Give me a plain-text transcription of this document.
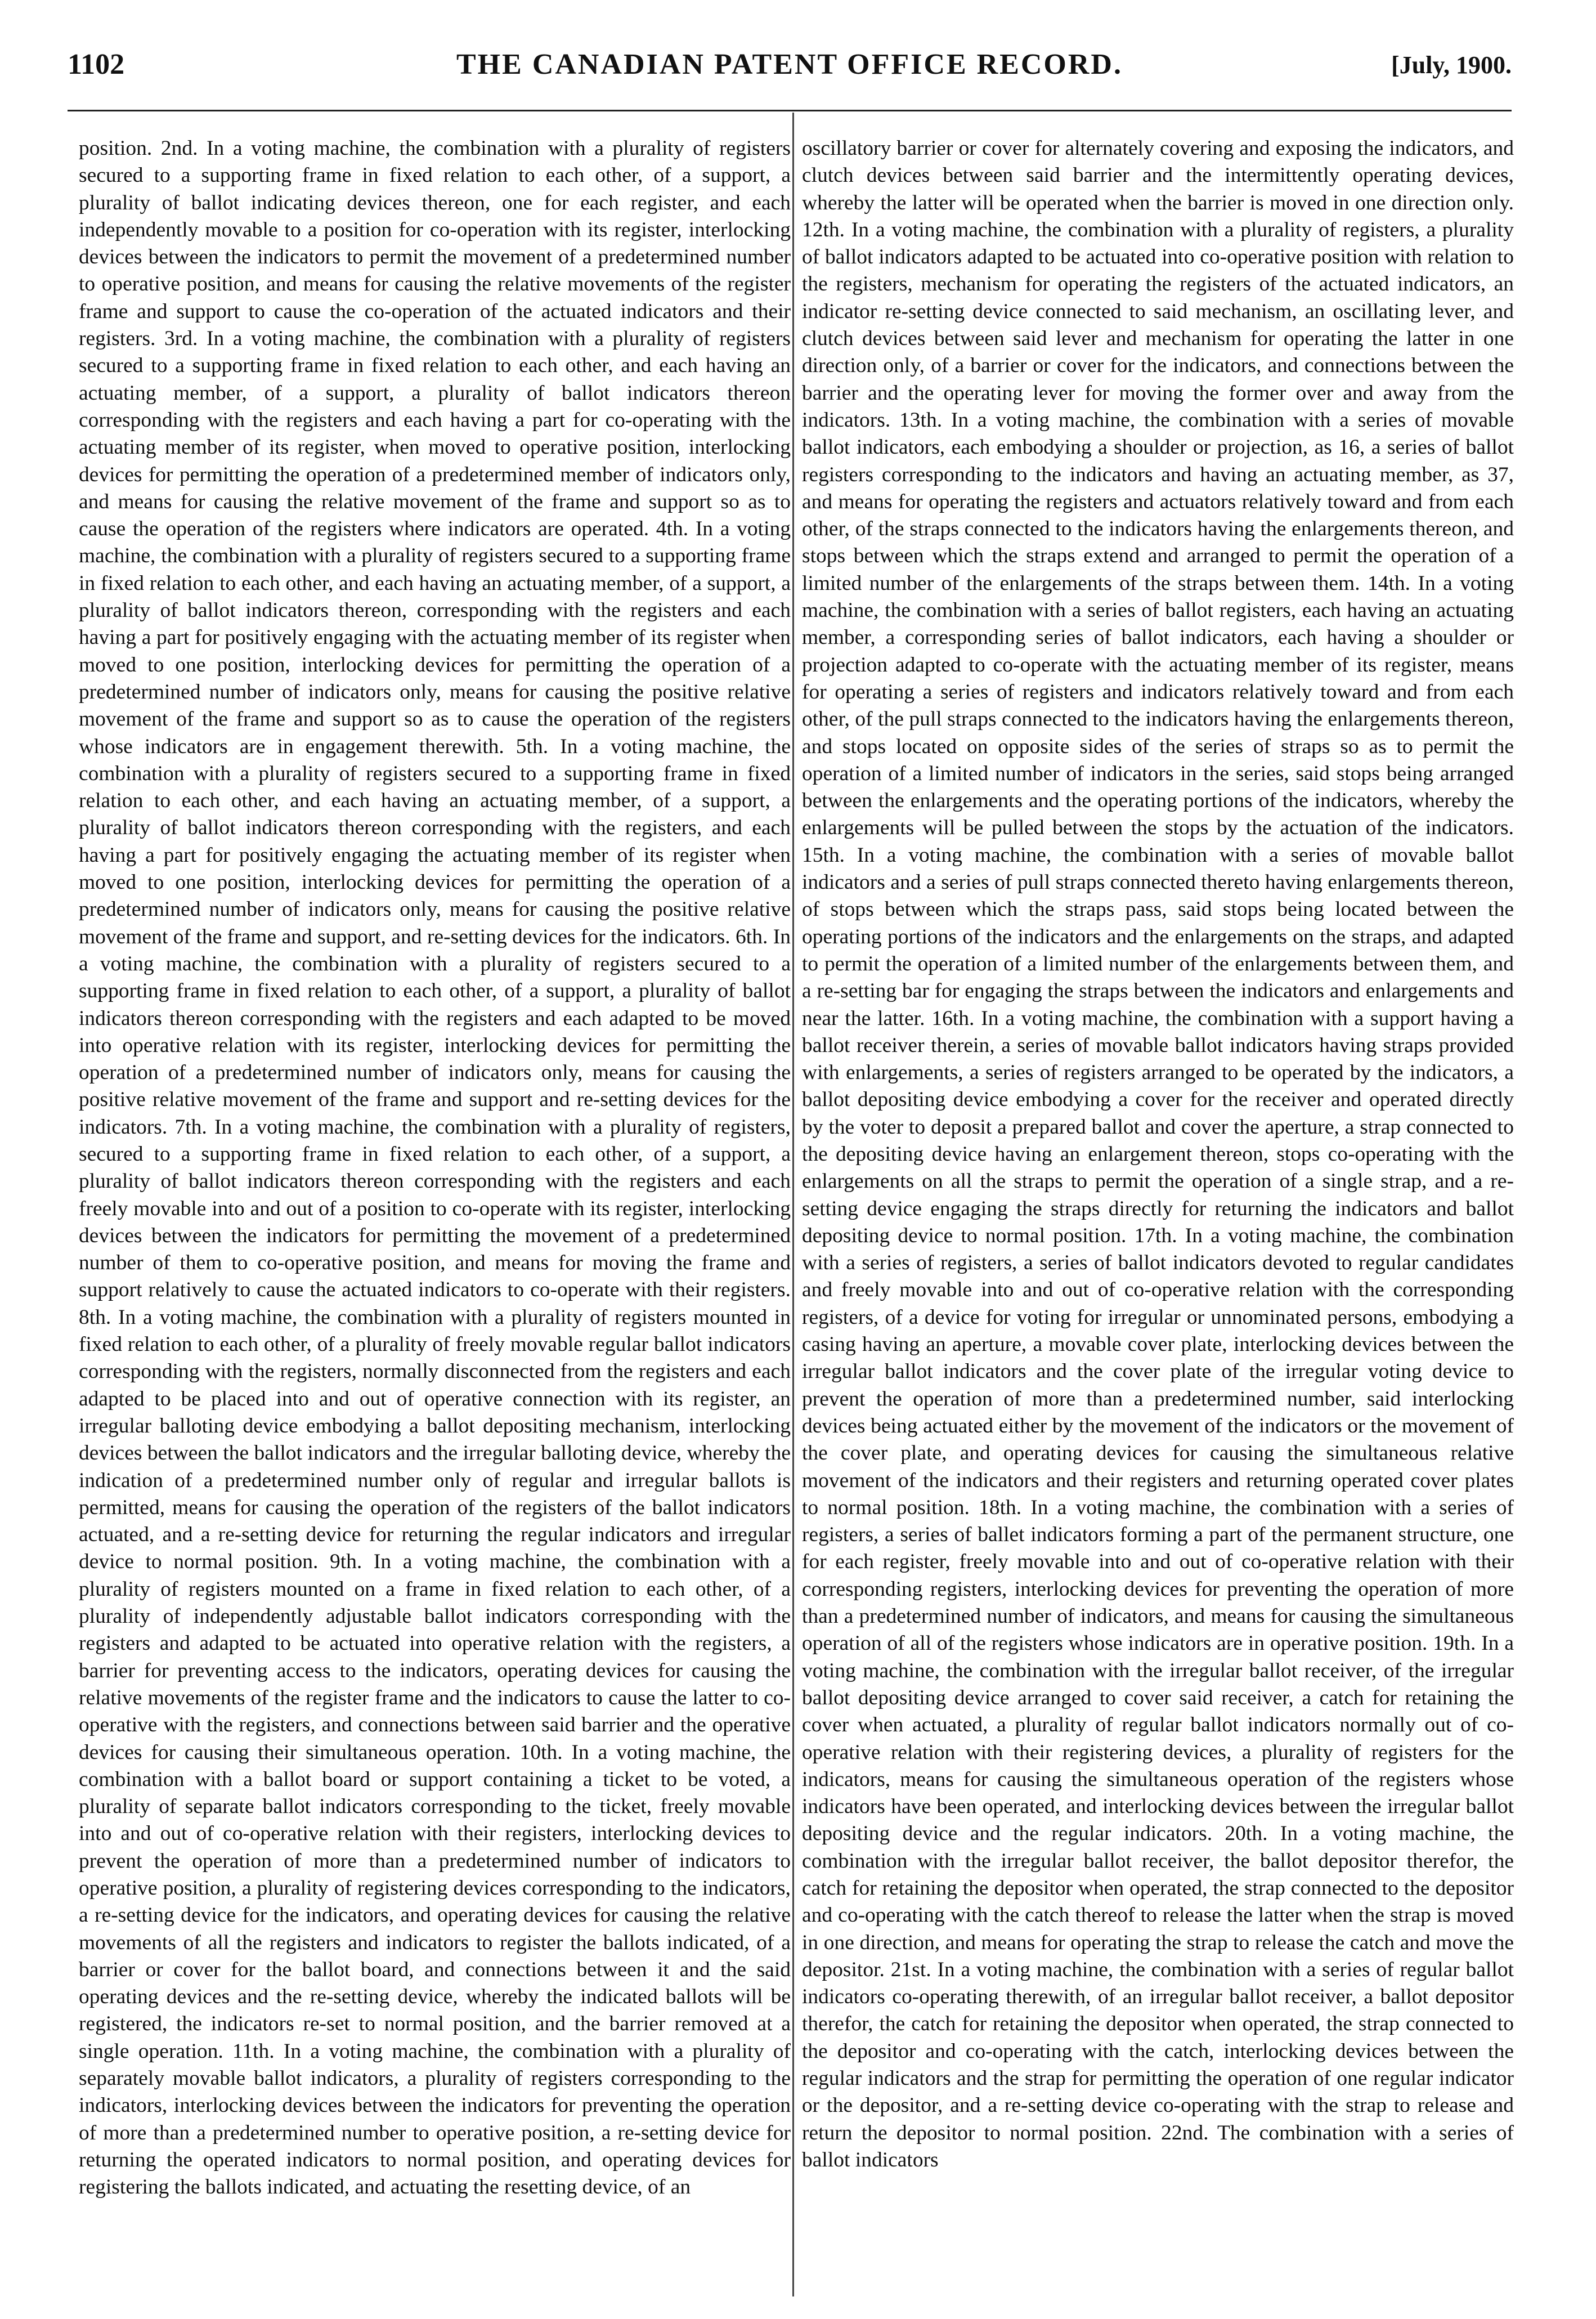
1102	THE CANADIAN PATENT OFFICE RECORD.	[July, 1900.
position. 2nd. In a voting machine, the combination with a plurality of registers secured to a supporting frame in fixed relation to each other, of a support, a plurality of ballot indicating devices thereon, one for each register, and each independently movable to a position for co-operation with its register, interlocking devices between the indicators to permit the movement of a predetermined number to operative position, and means for causing the relative movements of the register frame and support to cause the co-operation of the actuated indicators and their registers. 3rd. In a voting machine, the combination with a plurality of registers secured to a supporting frame in fixed relation to each other, and each having an actuating member, of a support, a plurality of ballot indicators thereon corresponding with the registers and each having a part for co-operating with the actuating member of its register, when moved to operative position, interlocking devices for permitting the operation of a predetermined member of indicators only, and means for causing the relative movement of the frame and support so as to cause the operation of the registers where indicators are operated. 4th. In a voting machine, the combination with a plurality of registers secured to a supporting frame in fixed relation to each other, and each having an actuating member, of a support, a plurality of ballot indicators thereon, corresponding with the registers and each having a part for positively engaging with the actuating member of its register when moved to one position, interlocking devices for permitting the operation of a predetermined number of indicators only, means for causing the positive relative movement of the frame and support so as to cause the operation of the registers whose indicators are in engagement therewith. 5th. In a voting machine, the combination with a plurality of registers secured to a supporting frame in fixed relation to each other, and each having an actuating member, of a support, a plurality of ballot indicators thereon corresponding with the registers, and each having a part for positively engaging the actuating member of its register when moved to one position, interlocking devices for permitting the operation of a predetermined number of indicators only, means for causing the positive relative movement of the frame and support, and re-setting devices for the indicators. 6th. In a voting machine, the combination with a plurality of registers secured to a supporting frame in fixed relation to each other, of a support, a plurality of ballot indicators thereon corresponding with the registers and each adapted to be moved into operative relation with its register, interlocking devices for permitting the operation of a predetermined number of indicators only, means for causing the positive relative movement of the frame and support and re-setting devices for the indicators. 7th. In a voting machine, the combination with a plurality of registers, secured to a supporting frame in fixed relation to each other, of a support, a plurality of ballot indicators thereon corresponding with the registers and each freely movable into and out of a position to co-operate with its register, interlocking devices between the indicators for permitting the movement of a predetermined number of them to co-operative position, and means for moving the frame and support relatively to cause the actuated indicators to co-operate with their registers. 8th. In a voting machine, the combination with a plurality of registers mounted in fixed relation to each other, of a plurality of freely movable regular ballot indicators corresponding with the registers, normally disconnected from the registers and each adapted to be placed into and out of operative connection with its register, an irregular balloting device embodying a ballot depositing mechanism, interlocking devices between the ballot indicators and the irregular balloting device, whereby the indication of a predetermined number only of regular and irregular ballots is permitted, means for causing the operation of the registers of the ballot indicators actuated, and a re-setting device for returning the regular indicators and irregular device to normal position. 9th. In a voting machine, the combination with a plurality of registers mounted on a frame in fixed relation to each other, of a plurality of independently adjustable ballot indicators corresponding with the registers and adapted to be actuated into operative relation with the registers, a barrier for preventing access to the indicators, operating devices for causing the relative movements of the register frame and the indicators to cause the latter to co-operative with the registers, and connections between said barrier and the operative devices for causing their simultaneous operation. 10th. In a voting machine, the combination with a ballot board or support containing a ticket to be voted, a plurality of separate ballot indicators corresponding to the ticket, freely movable into and out of co-operative relation with their registers, interlocking devices to prevent the operation of more than a predetermined number of indicators to operative position, a plurality of registering devices corresponding to the indicators, a re-setting device for the indicators, and operating devices for causing the relative movements of all the registers and indicators to register the ballots indicated, of a barrier or cover for the ballot board, and connections between it and the said operating devices and the re-setting device, whereby the indicated ballots will be registered, the indicators re-set to normal position, and the barrier removed at a single operation. 11th. In a voting machine, the combination with a plurality of separately movable ballot indicators, a plurality of registers corresponding to the indicators, interlocking devices between the indicators for preventing the operation of more than a predetermined number to operative position, a re-setting device for returning the operated indicators to normal position, and operating devices for registering the ballots indicated, and actuating the resetting device, of an
oscillatory barrier or cover for alternately covering and exposing the indicators, and clutch devices between said barrier and the intermittently operating devices, whereby the latter will be operated when the barrier is moved in one direction only. 12th. In a voting machine, the combination with a plurality of registers, a plurality of ballot indicators adapted to be actuated into co-operative position with relation to the registers, mechanism for operating the registers of the actuated indicators, an indicator re-setting device connected to said mechanism, an oscillating lever, and clutch devices between said lever and mechanism for operating the latter in one direction only, of a barrier or cover for the indicators, and connections between the barrier and the operating lever for moving the former over and away from the indicators. 13th. In a voting machine, the combination with a series of movable ballot indicators, each embodying a shoulder or projection, as 16, a series of ballot registers corresponding to the indicators and having an actuating member, as 37, and means for operating the registers and actuators relatively toward and from each other, of the straps connected to the indicators having the enlargements thereon, and stops between which the straps extend and arranged to permit the operation of a limited number of the enlargements of the straps between them. 14th. In a voting machine, the combination with a series of ballot registers, each having an actuating member, a corresponding series of ballot indicators, each having a shoulder or projection adapted to co-operate with the actuating member of its register, means for operating a series of registers and indicators relatively toward and from each other, of the pull straps connected to the indicators having the enlargements thereon, and stops located on opposite sides of the series of straps so as to permit the operation of a limited number of indicators in the series, said stops being arranged between the enlargements and the operating portions of the indicators, whereby the enlargements will be pulled between the stops by the actuation of the indicators. 15th. In a voting machine, the combination with a series of movable ballot indicators and a series of pull straps connected thereto having enlargements thereon, of stops between which the straps pass, said stops being located between the operating portions of the indicators and the enlargements on the straps, and adapted to permit the operation of a limited number of the enlargements between them, and a re-setting bar for engaging the straps between the indicators and enlargements and near the latter. 16th. In a voting machine, the combination with a support having a ballot receiver therein, a series of movable ballot indicators having straps provided with enlargements, a series of registers arranged to be operated by the indicators, a ballot depositing device embodying a cover for the receiver and operated directly by the voter to deposit a prepared ballot and cover the aperture, a strap connected to the depositing device having an enlargement thereon, stops co-operating with the enlargements on all the straps to permit the operation of a single strap, and a re-setting device engaging the straps directly for returning the indicators and ballot depositing device to normal position. 17th. In a voting machine, the combination with a series of registers, a series of ballot indicators devoted to regular candidates and freely movable into and out of co-operative relation with the corresponding registers, of a device for voting for irregular or unnominated persons, embodying a casing having an aperture, a movable cover plate, interlocking devices between the irregular ballot indicators and the cover plate of the irregular voting device to prevent the operation of more than a predetermined number, said interlocking devices being actuated either by the movement of the indicators or the movement of the cover plate, and operating devices for causing the simultaneous relative movement of the indicators and their registers and returning operated cover plates to normal position. 18th. In a voting machine, the combination with a series of registers, a series of ballet indicators forming a part of the permanent structure, one for each register, freely movable into and out of co-operative relation with their corresponding registers, interlocking devices for preventing the operation of more than a predetermined number of indicators, and means for causing the simultaneous operation of all of the registers whose indicators are in operative position. 19th. In a voting machine, the combination with the irregular ballot receiver, of the irregular ballot depositing device arranged to cover said receiver, a catch for retaining the cover when actuated, a plurality of regular ballot indicators normally out of co-operative relation with their registering devices, a plurality of registers for the indicators, means for causing the simultaneous operation of the registers whose indicators have been operated, and interlocking devices between the irregular ballot depositing device and the regular indicators. 20th. In a voting machine, the combination with the irregular ballot receiver, the ballot depositor therefor, the catch for retaining the depositor when operated, the strap connected to the depositor and co-operating with the catch thereof to release the latter when the strap is moved in one direction, and means for operating the strap to release the catch and move the depositor. 21st. In a voting machine, the combination with a series of regular ballot indicators co-operating therewith, of an irregular ballot receiver, a ballot depositor therefor, the catch for retaining the depositor when operated, the strap connected to the depositor and co-operating with the catch, interlocking devices between the regular indicators and the strap for permitting the operation of one regular indicator or the depositor, and a re-setting device co-operating with the strap to release and return the depositor to normal position. 22nd. The combination with a series of ballot indicators
